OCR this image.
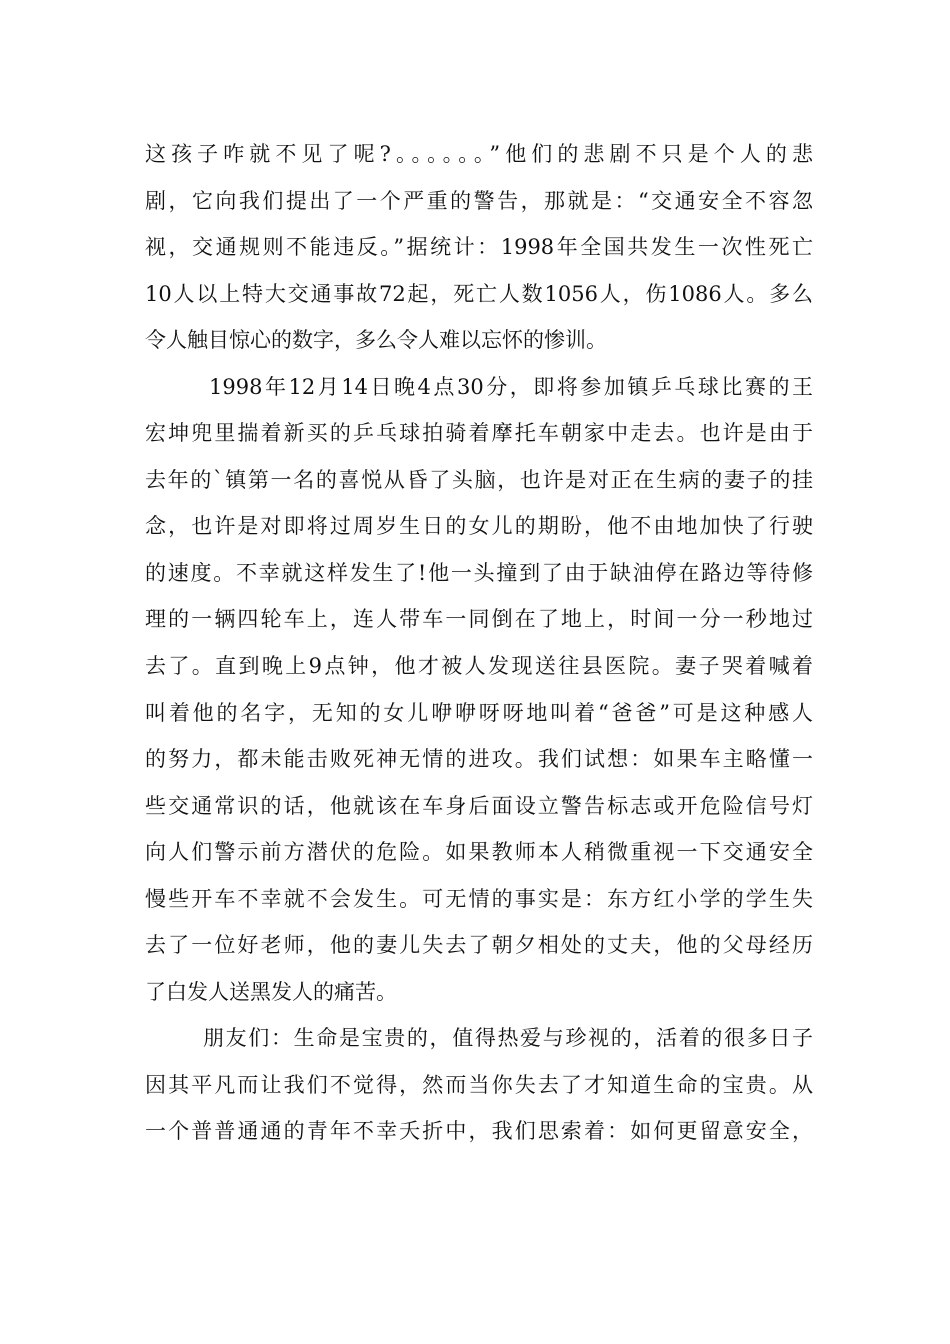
这孩子咋就不见了呢?。。。。。。”他们的悲剧不只是个人的悲
剧，它向我们提出了一个严重的警告，那就是：“交通安全不容忽
视，交通规则不能违反。”据统计：1998年全国共发生一次性死亡
10人以上特大交通事故72起，死亡人数1056人，伤1086人。多么
令人触目惊心的数字，多么令人难以忘怀的惨训。
1998年12月14日晚4点30分，即将参加镇乒乓球比赛的王
宏坤兜里揣着新买的乒乓球拍骑着摩托车朝家中走去。也许是由于
去年的`镇第一名的喜悦从昏了头脑，也许是对正在生病的妻子的挂
念，也许是对即将过周岁生日的女儿的期盼，他不由地加快了行驶
的速度。不幸就这样发生了!他一头撞到了由于缺油停在路边等待修
理的一辆四轮车上，连人带车一同倒在了地上，时间一分一秒地过
去了。直到晚上9点钟，他才被人发现送往县医院。妻子哭着喊着
叫着他的名字，无知的女儿咿咿呀呀地叫着“爸爸”可是这种感人
的努力，都未能击败死神无情的进攻。我们试想：如果车主略懂一
些交通常识的话，他就该在车身后面设立警告标志或开危险信号灯
向人们警示前方潜伏的危险。如果教师本人稍微重视一下交通安全
慢些开车不幸就不会发生。可无情的事实是：东方红小学的学生失
去了一位好老师，他的妻儿失去了朝夕相处的丈夫，他的父母经历
了白发人送黑发人的痛苦。
朋友们：生命是宝贵的，值得热爱与珍视的，活着的很多日子
因其平凡而让我们不觉得，然而当你失去了才知道生命的宝贵。从
一个普普通通的青年不幸夭折中，我们思索着：如何更留意安全，
